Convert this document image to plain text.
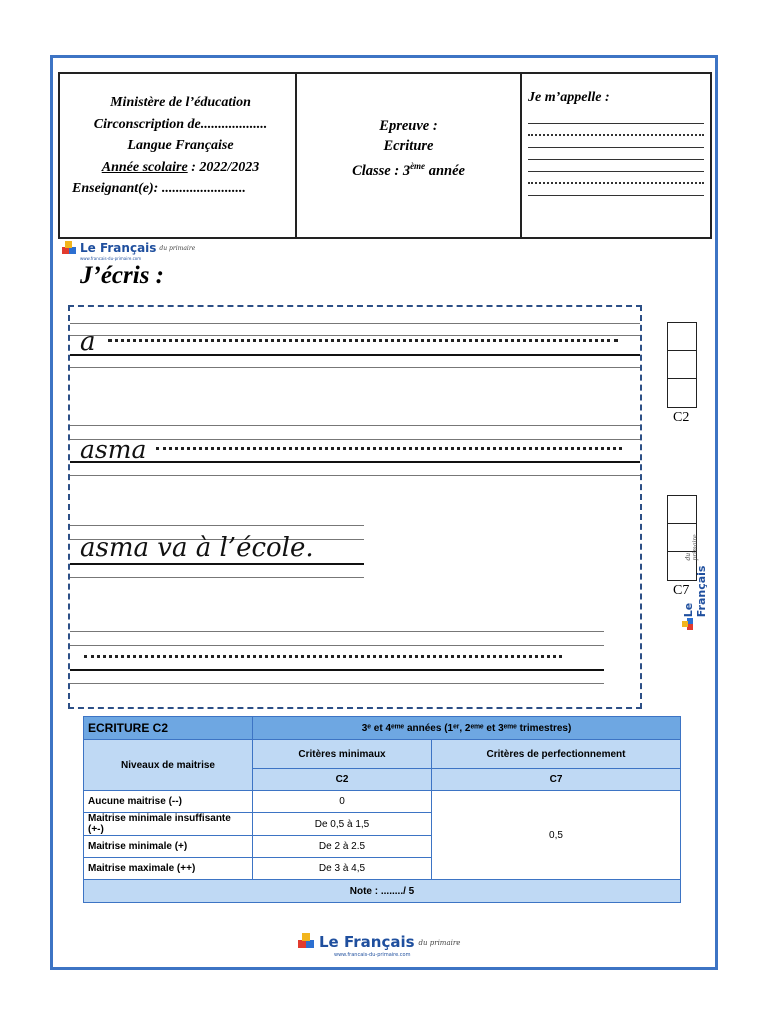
Ministère de l’éducation
Circonscription de...................
Langue Française
Année scolaire : 2022/2023
Enseignant(e): ........................
Epreuve :
Ecriture
Classe : 3ème année
Je m’appelle :
Le Français du primaire
www.francais-du-primaire.com
J’écris :
a
asma
asma va à l’école.
C2
C7
Le Français
du primaire
ECRITURE C2	3ᵉ et 4ᵉᵐᵉ années (1ᵉʳ, 2ᵉᵐᵉ et 3ᵉᵐᵉ trimestres)	
Niveaux de maitrise	Critères minimaux	Critères de perfectionnement
	C2	C7
Aucune maitrise (--)	0	0,5
Maitrise minimale insuffisante (+-)	De 0,5 à 1,5	
Maitrise minimale (+)	De 2 à 2.5	
Maitrise maximale (++)	De 3 à 4,5	
Note : ......../ 5		
Le Français du primaire
www.francais-du-primaire.com
